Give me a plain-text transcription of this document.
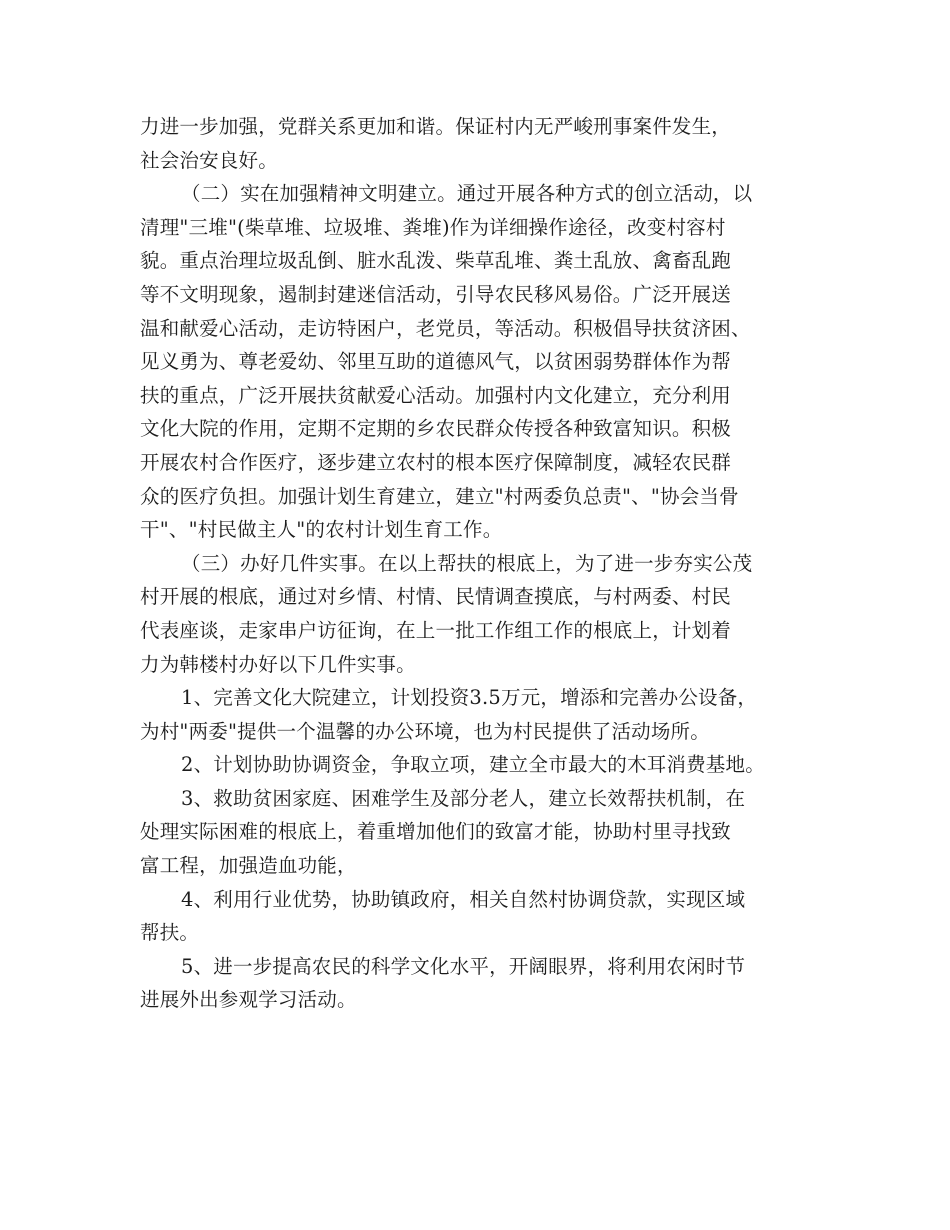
力进一步加强，党群关系更加和谐。保证村内无严峻刑事案件发生，
社会治安良好。
（二）实在加强精神文明建立。通过开展各种方式的创立活动，以
清理"三堆"(柴草堆、垃圾堆、粪堆)作为详细操作途径，改变村容村
貌。重点治理垃圾乱倒、脏水乱泼、柴草乱堆、粪土乱放、禽畜乱跑
等不文明现象，遏制封建迷信活动，引导农民移风易俗。广泛开展送
温和献爱心活动，走访特困户，老党员，等活动。积极倡导扶贫济困、
见义勇为、尊老爱幼、邻里互助的道德风气，以贫困弱势群体作为帮
扶的重点，广泛开展扶贫献爱心活动。加强村内文化建立，充分利用
文化大院的作用，定期不定期的乡农民群众传授各种致富知识。积极
开展农村合作医疗，逐步建立农村的根本医疗保障制度，减轻农民群
众的医疗负担。加强计划生育建立，建立"村两委负总责"、"协会当骨
干"、"村民做主人"的农村计划生育工作。
（三）办好几件实事。在以上帮扶的根底上，为了进一步夯实公茂
村开展的根底，通过对乡情、村情、民情调查摸底，与村两委、村民
代表座谈，走家串户访征询，在上一批工作组工作的根底上，计划着
力为韩楼村办好以下几件实事。
1、完善文化大院建立，计划投资3.5万元，增添和完善办公设备，
为村"两委"提供一个温馨的办公环境，也为村民提供了活动场所。
2、计划协助协调资金，争取立项，建立全市最大的木耳消费基地。
3、救助贫困家庭、困难学生及部分老人，建立长效帮扶机制，在
处理实际困难的根底上，着重增加他们的致富才能，协助村里寻找致
富工程，加强造血功能，
4、利用行业优势，协助镇政府，相关自然村协调贷款，实现区域
帮扶。
5、进一步提高农民的科学文化水平，开阔眼界，将利用农闲时节
进展外出参观学习活动。
